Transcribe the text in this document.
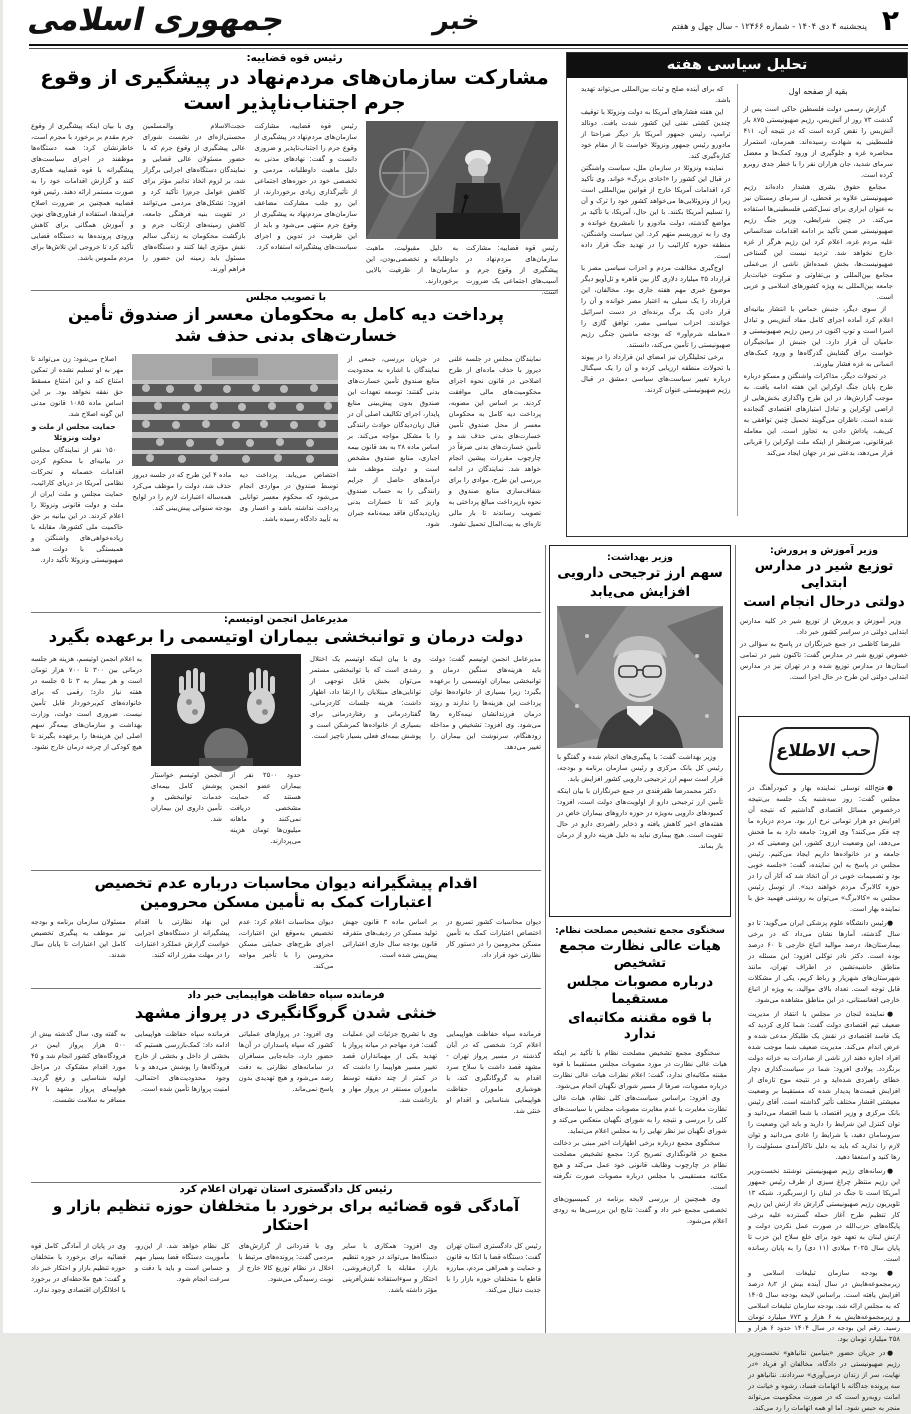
جمهوری اسلامی	خبر	۲
پنجشنبه ۴ دی ۱۴۰۴ - شماره ۱۲۴۶۶ - سال چهل و هفتم
تحلیل سیاسی هفته
بقیه از صفحه اول

گزارش رسمی دولت فلسطین حاکی است پس از گذشت ۷۳ روز از آتش‌بس، رژیم صهیونیستی ۸۷۵ بار آتش‌بس را نقض کرده است که در نتیجه آن، ۴۱۱ فلسطینی به شهادت رسیده‌اند. همزمان، استمرار محاصره غزه و جلوگیری از ورود کمک‌ها و معضل سرمای شدید، جان هزاران نفر را با خطر جدی روبرو کرده است.

مجامع حقوق بشری هشدار داده‌اند رژیم صهیونیستی علاوه بر قحطی، از سرمای زمستان نیز به عنوان ابزاری برای نسل‌کشی فلسطینی‌ها استفاده می‌کند. در چنین شرایطی، وزیر جنگ رژیم صهیونیستی ضمن تأکید بر ادامه اقدامات ضدانسانی علیه مردم غزه، اعلام کرد این رژیم هرگز از غزه خارج نخواهد شد. تردید نیست این گستاخی صهیونیست‌ها، بخش عمده‌اش ناشی از بی‌عملی مجامع بین‌المللی و بی‌تفاوتی و سکوت خیانت‌بار جامعه بین‌المللی به ویژه کشورهای اسلامی و عربی است.

از سوی دیگر، جنبش حماس با انتشار بیانیه‌ای اعلام کرد آماده اجرای کامل مفاد آتش‌بس و تبادل اسرا است و توپ اکنون در زمین رژیم صهیونیستی و حامیان آن قرار دارد. این جنبش از میانجیگران خواست برای گشایش گذرگاه‌ها و ورود کمک‌های انسانی به غزه فشار بیاورند.

در تحولات دیگر، مذاکرات واشنگتن و مسکو درباره طرح پایان جنگ اوکراین این هفته ادامه یافت. به موجب گزارش‌ها، در این طرح واگذاری بخش‌هایی از اراضی اوکراین و تبادل امتیازهای اقتصادی گنجانده شده است. ناظران می‌گویند تحمیل چنین توافقی به کی‌یف، پاداش دادن به تجاوز است. این معامله غیرقانونی، صرفنظر از اینکه ملت اوکراین را قربانی قرار می‌دهد، بدعتی نیز در جهان ایجاد می‌کند

که برای آینده صلح و ثبات بین‌المللی می‌تواند تهدید باشد.

این هفته فشارهای آمریکا به دولت ونزوئلا با توقیف چندین کشتی نفتی این کشور شدت یافت. دونالد ترامپ، رئیس جمهور آمریکا بار دیگر صراحتا از مادورو رئیس جمهور ونزوئلا خواست تا از مقام خود کناره‌گیری کند.

نماینده ونزوئلا در سازمان ملل، سیاست واشنگتن در قبال این کشور را «اخاذی بزرگ» خواند. وی تأکید کرد اقدامات آمریکا خارج از قوانین بین‌المللی است زیرا از ونزوئلایی‌ها می‌خواهد کشور خود را ترک و آن را تسلیم آمریکا بکنند. با این حال، آمریکا، با تأکید بر مواضع گذشته، دولت مادورو را نامشروع خوانده و وی را به تروریسم متهم کرد. این سیاست واشنگتن، منطقه حوزه کارائیب را در تهدید جنگ قرار داده است.

اوج‌گیری مخالفت مردم و احزاب سیاسی مصر با قرارداد ۳۵ میلیارد دلاری گاز بین قاهره و تل‌آویو دیگر موضوع خبری مهم هفته جاری بود. مخالفان، این قرارداد را یک سیلی به اعتبار مصر خوانده و آن را قرار دادن یک برگ برنده‌ای در دست اسرائیل خواندند. احزاب سیاسی مصر، توافق گازی را «معامله شرم‌آور» که بودجه ماشین جنگی رژیم صهیونیستی را تأمین می‌کند، دانستند.

برخی تحلیلگران نیز امضای این قرارداد را در پیوند با تحولات منطقه ارزیابی کرده و آن را یک سیگنال درباره تغییر سیاست‌های سیاسی دمشق در قبال رژیم صهیونیستی عنوان کردند.

رئیس قوه قضاییه:
مشارکت سازمان‌های مردم‌نهاد در پیشگیری از وقوع جرم اجتناب‌ناپذیر است
رئیس قوه قضاییه: مشارکت سازمان‌های مردم‌نهاد در پیشگیری از وقوع جرم و آسیب‌های اجتماعی یک ضرورت است.
به دلیل مقبولیت، ماهیت داوطلبانه و تخصصی‌بودن، این سازمان‌ها از ظرفیت بالایی برخوردارند.
رئیس قوه قضاییه، مشارکت سازمان‌های مردم‌نهاد در پیشگیری از وقوع جرم را اجتناب‌ناپذیر و ضروری دانست و گفت: نهادهای مدنی به دلیل ماهیت داوطلبانه، مردمی و تخصصی خود در حوزه‌های اجتماعی از تأثیرگذاری زیادی برخوردارند، از این رو جلب مشارکت مضاعف سازمان‌های مردم‌نهاد به پیشگیری از وقوع جرم منتهی می‌شود و باید از این ظرفیت در تدوین و اجرای سیاست‌های پیشگیرانه استفاده کرد.
حجت‌الاسلام والمسلمین محسنی‌اژه‌ای در نشست شورای عالی پیشگیری از وقوع جرم که با حضور مسئولان عالی قضایی و نمایندگان دستگاه‌های اجرایی برگزار شد، بر لزوم اتخاذ تدابیر مؤثر برای کاهش عوامل جرم‌زا تأکید کرد و افزود: تشکل‌های مردمی می‌توانند در تقویت بنیه فرهنگی جامعه، کاهش زمینه‌های ارتکاب جرم و بازگشت محکومان به زندگی سالم نقش مؤثری ایفا کنند و دستگاه‌های مسئول باید زمینه این حضور را فراهم آورند.
وی با بیان اینکه پیشگیری از وقوع جرم مقدم بر برخورد با مجرم است، خاطرنشان کرد: همه دستگاه‌ها موظفند در اجرای سیاست‌های پیشگیرانه با قوه قضاییه همکاری کنند و گزارش اقدامات خود را به صورت مستمر ارائه دهند. رئیس قوه قضاییه همچنین بر ضرورت اصلاح فرآیندها، استفاده از فناوری‌های نوین و آموزش همگانی برای کاهش ورودی پرونده‌ها به دستگاه قضایی تأکید کرد تا خروجی این تلاش‌ها برای مردم ملموس باشد.
با تصویب مجلس
پرداخت دیه کامل به محکومان معسر از صندوق تأمین خسارت‌های بدنی حذف شد
نمایندگان مجلس در جلسه علنی دیروز با حذف ماده‌ای از طرح اصلاحی در قانون نحوه اجرای محکومیت‌های مالی موافقت کردند. بر اساس این مصوبه، پرداخت دیه کامل به محکومان معسر از محل صندوق تأمین خسارت‌های بدنی حذف شد و تأمین خسارت‌های بدنی صرفاً در چارچوب مقررات پیشین انجام خواهد شد. نمایندگان در ادامه بررسی این طرح، موادی را برای شفاف‌سازی منابع صندوق و نحوه بازپرداخت مبالغ پرداختی به تصویب رساندند تا بار مالی تازه‌ای به بیت‌المال تحمیل نشود.
در جریان بررسی، جمعی از نمایندگان با اشاره به محدودیت منابع صندوق تأمین خسارت‌های بدنی گفتند: توسعه تعهدات این صندوق بدون پیش‌بینی منابع پایدار، اجرای تکالیف اصلی آن در قبال زیان‌دیدگان حوادث رانندگی را با مشکل مواجه می‌کند. بر اساس ماده ۲۸ به بعد قانون بیمه اجباری، منابع صندوق مشخص است و دولت موظف شد درآمدهای حاصل از جرایم رانندگی را به حساب صندوق واریز کند تا خسارات بدنی زیان‌دیدگان فاقد بیمه‌نامه جبران شود.
اختصاص می‌یابد. پرداخت دیه توسط صندوق در مواردی انجام می‌شود که محکوم معسر توانایی پرداخت نداشته باشد و اعسار وی به تأیید دادگاه رسیده باشد.
ماده ۴ این طرح که در جلسه دیروز حذف شد، دولت را موظف می‌کرد همه‌ساله اعتبارات لازم را در لوایح بودجه سنواتی پیش‌بینی کند.

اصلاح می‌شود: زن می‌تواند تا مهر به او تسلیم نشده از تمکین امتناع کند و این امتناع مسقط حق نفقه نخواهد بود. بر این اساس ماده ۱۰۸۵ قانون مدنی این گونه اصلاح شد.

حمایت مجلس از ملت و دولت ونزوئلا

۱۵۰ نفر از نمایندگان مجلس در بیانیه‌ای با محکوم کردن اقدامات خصمانه و تحرکات نظامی آمریکا در دریای کارائیب، حمایت مجلس و ملت ایران از ملت و دولت قانونی ونزوئلا را اعلام کردند. در این بیانیه بر حق حاکمیت ملی کشورها، مقابله با زیاده‌خواهی‌های واشنگتن و همبستگی با دولت ضد صهیونیستی ونزوئلا تأکید دارد.

مدیرعامل انجمن اوتیسم:
دولت درمان و توانبخشی بیماران اوتیسمی را برعهده بگیرد
مدیرعامل انجمن اوتیسم گفت: دولت باید هزینه‌های سنگین درمان و توانبخشی بیماران اوتیسمی را برعهده بگیرد؛ زیرا بسیاری از خانواده‌ها توان پرداخت این هزینه‌ها را ندارند و روند درمان فرزندانشان نیمه‌کاره رها می‌شود. وی افزود: تشخیص و مداخله زودهنگام، سرنوشت این بیماران را تغییر می‌دهد.
وی با بیان اینکه اوتیسم یک اختلال رشدی است که با توانبخشی مستمر می‌توان بخش قابل توجهی از توانایی‌های مبتلایان را ارتقا داد، اظهار داشت: هزینه جلسات کاردرمانی، گفتاردرمانی و رفتاردرمانی برای بسیاری از خانواده‌ها کمرشکن است و پوشش بیمه‌ای فعلی بسیار ناچیز است.
حدود ۲۵۰۰ نفر از بیماران عضو انجمن هستند که حمایت مشخصی دریافت نمی‌کنند و ماهانه میلیون‌ها تومان هزینه می‌پردازند.
انجمن اوتیسم خواستار پوشش کامل بیمه‌ای خدمات توانبخشی و تأمین داروی این بیماران شد.
به اعلام انجمن اوتیسم، هزینه هر جلسه درمانی بین ۳۰۰ تا ۷۰۰ هزار تومان است و هر بیمار به ۳ تا ۵ جلسه در هفته نیاز دارد؛ رقمی که برای خانواده‌های کم‌برخوردار قابل تأمین نیست. ضروری است دولت، وزارت بهداشت و سازمان‌های بیمه‌گر سهم اصلی این هزینه‌ها را برعهده بگیرند تا هیچ کودکی از چرخه درمان خارج نشود.
اقدام پیشگیرانه دیوان محاسبات درباره عدم تخصیص
اعتبارات کمک به تأمین مسکن محرومین
دیوان محاسبات کشور تسریع در اختصاص اعتبارات کمک به تأمین مسکن محرومین را در دستور کار نظارتی خود قرار داد.
بر اساس ماده ۳ قانون جهش تولید مسکن در ردیف‌های متفرقه قانون بودجه سال جاری اعتباراتی پیش‌بینی شده است.
دیوان محاسبات اعلام کرد: عدم تخصیص به‌موقع این اعتبارات، اجرای طرح‌های حمایتی مسکن محرومین را با تأخیر مواجه می‌کند.
این نهاد نظارتی با اقدام پیشگیرانه از دستگاه‌های اجرایی خواست گزارش عملکرد اعتبارات را در مهلت مقرر ارائه کنند.
مسئولان سازمان برنامه و بودجه نیز موظف به پیگیری تخصیص کامل این اعتبارات تا پایان سال شدند.
فرمانده سپاه حفاظت هواپیمایی خبر داد
خنثی شدن گروگانگیری در پرواز مشهد
فرمانده سپاه حفاظت هواپیمایی اعلام کرد: شخصی که در آبان گذشته در مسیر پرواز تهران - مشهد قصد داشت با سلاح سرد اقدام به گروگانگیری کند، با هوشیاری ماموران حفاظت هواپیمایی شناسایی و اقدام او خنثی شد.
وی با تشریح جزئیات این عملیات گفت: فرد مهاجم در میانه پرواز با تهدید یکی از مهمانداران قصد تغییر مسیر هواپیما را داشت که در کمتر از چند دقیقه توسط ماموران مستقر در پرواز مهار و بازداشت شد.
وی افزود: در پروازهای عملیاتی کشور که سپاه پاسداران در آن‌ها حضور دارد، جابه‌جایی مسافران در سامانه‌های نظارتی به دقت رصد می‌شود و هیچ تهدیدی بدون پاسخ نمی‌ماند.
فرمانده سپاه حفاظت هواپیمایی ادامه داد: کمک‌بازرسی هستیم که بخشی از داخل و بخشی از خارج فرودگاه‌ها را پوشش می‌دهد و با وجود محدودیت‌های احتمالی، امنیت پروازها تأمین شده است.
به گفته وی، سال گذشته بیش از ۵۰۰ هزار پرواز ایمن در فرودگاه‌های کشور انجام شد و ۴۵ مورد اقدام مشکوک در مراحل اولیه شناسایی و رفع گردید. هواپیمای پرواز مشهد با ۶۷ مسافر به سلامت نشست.
رئیس کل دادگستری استان تهران اعلام کرد
آمادگی قوه قضائیه برای برخورد با متخلفان حوزه تنظیم بازار و احتکار
رئیس کل دادگستری استان تهران گفت: دستگاه قضا با اتکا به قانون و حمایت و همراهی مردم، مبارزه قاطع با متخلفان حوزه بازار را با جدیت دنبال می‌کند.
وی افزود: همکاری با سایر دستگاه‌ها می‌تواند در حوزه تنظیم بازار، مقابله با گران‌فروشی، احتکار و سوءاستفاده نقش‌آفرینی مؤثر داشته باشد.
وی با قدردانی از گزارش‌های مردمی گفت: پرونده‌های مرتبط با اخلال در نظام توزیع کالا خارج از نوبت رسیدگی می‌شود.
کل نظام خواهد شد. از این‌رو، مأموریت دستگاه قضا بسیار مهم و حساس است و باید با دقت و سرعت انجام شود.
وی در پایان از آمادگی کامل قوه قضائیه برای برخورد با متخلفان حوزه تنظیم بازار و احتکار خبر داد و گفت: هیچ ملاحظه‌ای در برخورد با اخلالگران اقتصادی وجود ندارد.
وزیر بهداشت:
سهم ارز ترجیحی دارویی
افزایش می‌یابد

وزیر بهداشت گفت: با پیگیری‌های انجام شده و گفتگو با رئیس کل بانک مرکزی و رئیس سازمان برنامه و بودجه، قرار است سهم ارز ترجیحی دارویی کشور افزایش یابد.

دکتر محمدرضا ظفرقندی در جمع خبرنگاران با بیان اینکه تأمین ارز ترجیحی دارو از اولویت‌های دولت است، افزود: کمبودهای دارویی به‌ویژه در حوزه داروهای بیماران خاص در هفته‌های اخیر کاهش یافته و ذخایر راهبردی دارو در حال تقویت است. هیچ بیماری نباید به دلیل هزینه دارو از درمان باز بماند.

سخنگوی مجمع تشخیص مصلحت نظام:
هیات عالی نظارت مجمع تشخیص
درباره مصوبات مجلس مستقیما
با قوه مقننه مکاتبه‌ای ندارد

سخنگوی مجمع تشخیص مصلحت نظام با تأکید بر اینکه هیات عالی نظارت در مورد مصوبات مجلس مستقیما با قوه مقننه مکاتبه‌ای ندارد، گفت: اعلام نظرات هیات عالی نظارت درباره مصوبات، صرفا از مسیر شورای نگهبان انجام می‌شود.

وی افزود: براساس سیاست‌های کلی نظام، هیات عالی نظارت مغایرت یا عدم مغایرت مصوبات مجلس با سیاست‌های کلی را بررسی و نتیجه را به شورای نگهبان منعکس می‌کند و شورای نگهبان نیز نظر نهایی را به مجلس اعلام می‌نماید.

سخنگوی مجمع درباره برخی اظهارات اخیر مبنی بر دخالت مجمع در قانونگذاری تصریح کرد: مجمع تشخیص مصلحت نظام در چارچوب وظایف قانونی خود عمل می‌کند و هیچ مکاتبه مستقیمی با مجلس درباره مصوبات صورت نگرفته است.

وی همچنین از بررسی لایحه برنامه در کمیسیون‌های تخصصی مجمع خبر داد و گفت: نتایج این بررسی‌ها به زودی اعلام می‌شود.

وزیر آموزش و پرورش:
توزیع شیر در مدارس ابتدایی
دولتی درحال انجام است

وزیر آموزش و پرورش از توزیع شیر در کلیه مدارس ابتدایی دولتی در سراسر کشور خبر داد.

علیرضا کاظمی در جمع خبرنگاران در پاسخ به سؤالی در خصوص توزیع شیر در مدارس گفت: تاکنون شیر در تمامی استان‌ها در مدارس توزیع شده و در تهران نیز در مدارس ابتدایی دولتی این طرح در حال اجرا است.

حب الاطلاع

●فتح‌الله توسلی نماینده بهار و کبودرآهنگ در مجلس گفت: روز سه‌شنبه یک جلسه بی‌نتیجه درخصوص مسائل اقتصادی گذاشتیم که نتیجه آن افزایش دو هزار تومانی نرخ ارز بود. مردم درباره ما چه فکر می‌کنند؟ وی افزود: جامعه دارد به ما فحش می‌دهد، این وضعیت ارزی کشور، این وضعیتی که در جامعه و در خانواده‌ها داریم ایجاد می‌کنیم. رئیس مجلس در پاسخ به این نماینده، گفت: «جلسه خوبی بود و تصمیمات خوبی در آن اتخاذ شد که آثار آن را در حوزه کالابرگ مردم خواهند دید». از توسل رئیس مجلس به «کالابرگ» می‌توان به روشنی فهمید حق با نماینده بهار است.

●رئیس دانشگاه علوم پزشکی ایران می‌گوید: تا دو سال گذشته، آمارها نشان می‌داد که در برخی بیمارستان‌ها، درصد موالید اتباع خارجی تا ۶۰ درصد بوده است. دکتر نادر توکلی افزود: این مسئله در مناطق حاشیه‌نشین در اطراف تهران، مانند شهرستان‌های شهریار و رباط کریم، یکی از مشکلات قابل توجه است. تعداد بالای موالید، به ویژه از اتباع خارجی افغانستانی، در این مناطق مشاهده می‌شود.

●نماینده لنجان در مجلس با انتقاد از مدیریت ضعیف تیم اقتصادی دولت گفت: شما کاری کردید که یک فاسد اقتصادی در نقش یک طلبکار مدعی شده و عرض اندام می‌کند. مدیریت ضعیف شما موجب شده افراد اجازه دهند ارز ناشی از صادرات به خزانه دولت برنگردد. پولادی افزود: شما در سیاست‌گذاری دچار خطای راهبردی شده‌اید و در نتیجه موج تازه‌ای از افزایش قیمت‌ها پدیدار شده که مستقیما بر وضعیت معیشتی اقشار مختلف تأثیر گذاشته است. آقای رئیس بانک مرکزی و وزیر اقتصاد، یا شما اقتصاد می‌دانید و توان کنترل این شرایط را دارید و باید این وضعیت را سروسامان دهید، یا شرایط را عادی می‌دانید و توان لازم را ندارید که باید به دلیل ناکارآمدی مسئولیت را رها کنید و استعفا دهید.

●رسانه‌های رژیم صهیونیستی نوشتند نخست‌وزیر این رژیم منتظر چراغ سبزی از طرف رئیس جمهور آمریکا است تا جنگ در لبنان را ازسربگیرد. شبکه ۱۳ تلویزیون رژیم صهیونیستی گزارش داد ارتش این رژیم کار تنظیم طرح آغاز حمله گسترده علیه برخی پایگاه‌های حزب‌الله در صورت عمل نکردن دولت و ارتش لبنان به تعهد خود برای خلع سلاح این حزب تا پایان سال ۲۰۲۵ میلادی (۱۱ دی) را به پایان رسانده است.

●بودجه سازمان تبلیغات اسلامی و زیرمجموعه‌هایش در سال آینده بیش از ۸٫۲ درصد افزایش یافته است. براساس لایحه بودجه سال ۱۴۰۵ که به مجلس ارائه شد، بودجه سازمان تبلیغات اسلامی و زیرمجموعه‌هایش به ۶ هزار و ۷۷۳ میلیارد تومان رسید. رقم این بودجه در سال ۱۴۰۴ حدود ۶ هزار و ۲۵۸ میلیارد تومان بود.

●در جریان حضور «بنیامین نتانیاهو» نخست‌وزیر رژیم صهیونیستی در دادگاه، مخالفان او فریاد «در نهایت، سر از زندان درمی‌آوری» سردادند. نتانیاهو در سه پرونده جداگانه با اتهامات فساد، رشوه و خیانت در امانت روبه‌رو است که در صورت محکومیت می‌تواند منجر به حبس شود. اما او همه اتهامات را رد می‌کند.
